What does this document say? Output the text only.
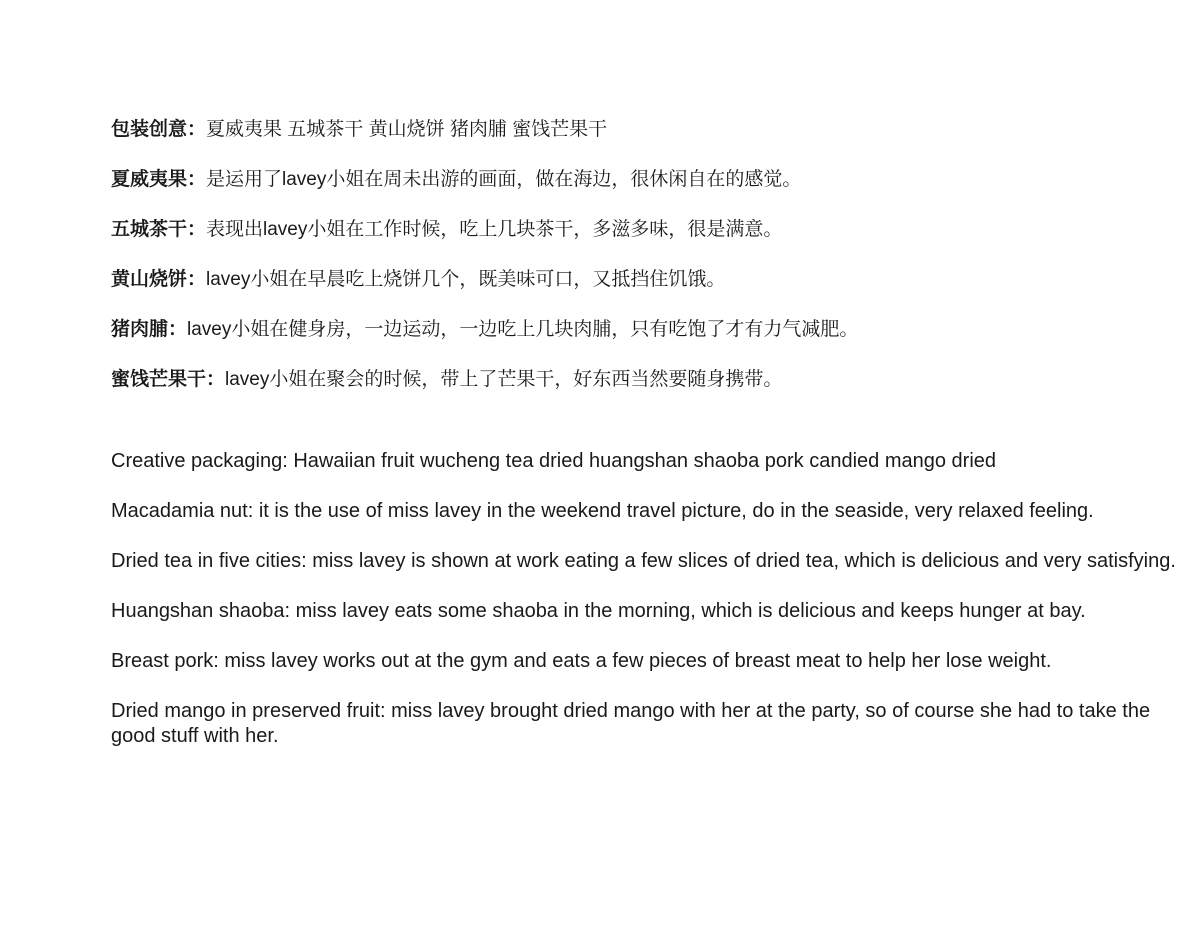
包装创意：夏威夷果 五城茶干 黄山烧饼 猪肉脯 蜜饯芒果干

夏威夷果：是运用了lavey小姐在周未出游的画面，做在海边，很休闲自在的感觉。

五城茶干：表现出lavey小姐在工作时候，吃上几块茶干，多滋多味，很是满意。

黄山烧饼：lavey小姐在早晨吃上烧饼几个，既美味可口，又抵挡住饥饿。

猪肉脯：lavey小姐在健身房，一边运动，一边吃上几块肉脯，只有吃饱了才有力气减肥。

蜜饯芒果干：lavey小姐在聚会的时候，带上了芒果干，好东西当然要随身携带。

Creative packaging: Hawaiian fruit wucheng tea dried huangshan shaoba pork candied mango dried

Macadamia nut: it is the use of miss lavey in the weekend travel picture, do in the seaside, very relaxed feeling.

Dried tea in five cities: miss lavey is shown at work eating a few slices of dried tea, which is delicious and very satisfying.

Huangshan shaoba: miss lavey eats some shaoba in the morning, which is delicious and keeps hunger at bay.

Breast pork: miss lavey works out at the gym and eats a few pieces of breast meat to help her lose weight.

Dried mango in preserved fruit: miss lavey brought dried mango with her at the party, so of course she had to take the good stuff with her.
